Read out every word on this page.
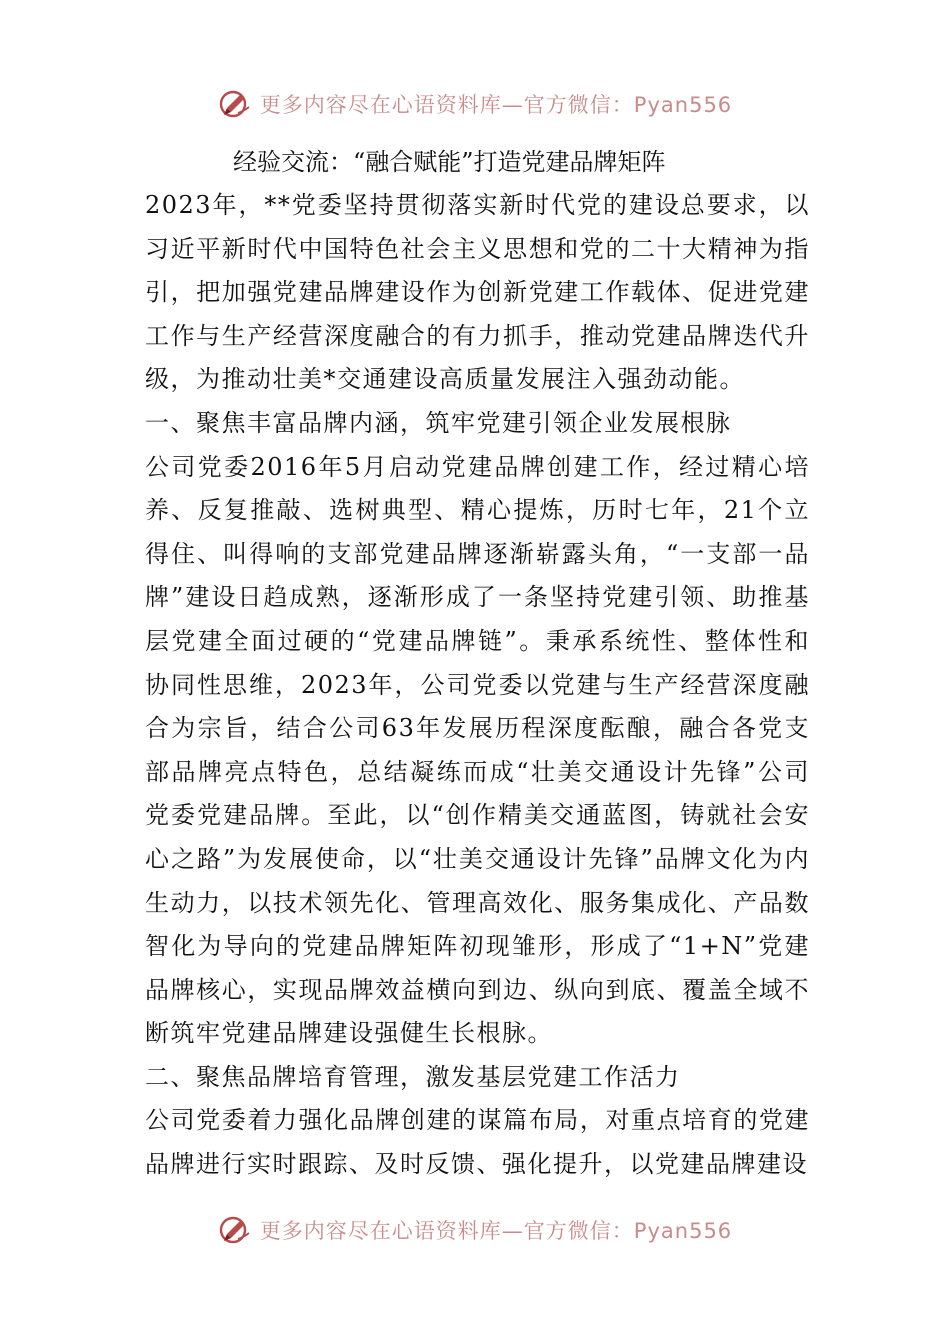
更多内容尽在心语资料库—官方微信：Pyan556
经验交流：“融合赋能”打造党建品牌矩阵

2023年，**党委坚持贯彻落实新时代党的建设总要求，以习近平新时代中国特色社会主义思想和党的二十大精神为指引，把加强党建品牌建设作为创新党建工作载体、促进党建工作与生产经营深度融合的有力抓手，推动党建品牌迭代升级，为推动壮美*交通建设高质量发展注入强劲动能。

一、聚焦丰富品牌内涵，筑牢党建引领企业发展根脉

公司党委2016年5月启动党建品牌创建工作，经过精心培养、反复推敲、选树典型、精心提炼，历时七年，21个立得住、叫得响的支部党建品牌逐渐崭露头角，“一支部一品牌”建设日趋成熟，逐渐形成了一条坚持党建引领、助推基层党建全面过硬的“党建品牌链”。秉承系统性、整体性和协同性思维，2023年，公司党委以党建与生产经营深度融合为宗旨，结合公司63年发展历程深度酝酿，融合各党支部品牌亮点特色，总结凝练而成“壮美交通设计先锋”公司党委党建品牌。至此，以“创作精美交通蓝图，铸就社会安心之路”为发展使命，以“壮美交通设计先锋”品牌文化为内生动力，以技术领先化、管理高效化、服务集成化、产品数智化为导向的党建品牌矩阵初现雏形，形成了“1+N”党建品牌核心，实现品牌效益横向到边、纵向到底、覆盖全域不断筑牢党建品牌建设强健生长根脉。

二、聚焦品牌培育管理，激发基层党建工作活力

公司党委着力强化品牌创建的谋篇布局，对重点培育的党建品牌进行实时跟踪、及时反馈、强化提升，以党建品牌建设

更多内容尽在心语资料库—官方微信：Pyan556
